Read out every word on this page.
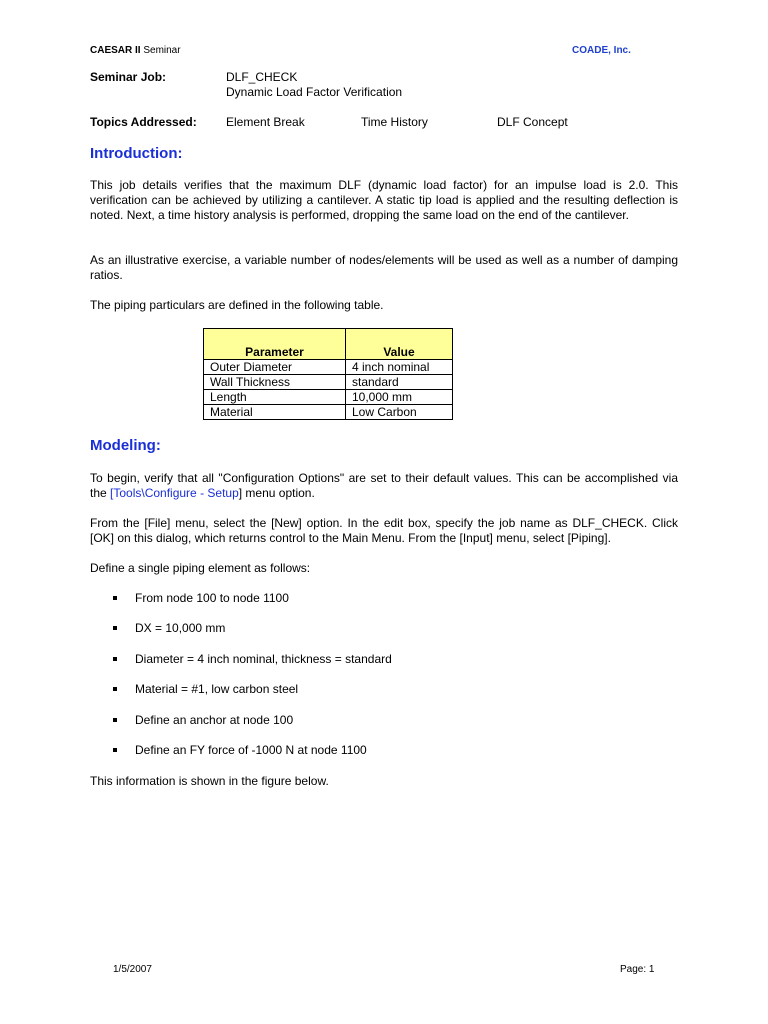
CAESAR II Seminar	COADE, Inc.
Seminar Job:	DLF_CHECK
Dynamic Load Factor Verification
Topics Addressed: Element Break	Time History	DLF Concept
Introduction:
This job details verifies that the maximum DLF (dynamic load factor) for an impulse load is 2.0. This verification can be achieved by utilizing a cantilever. A static tip load is applied and the resulting deflection is noted. Next, a time history analysis is performed, dropping the same load on the end of the cantilever.
As an illustrative exercise, a variable number of nodes/elements will be used as well as a number of damping ratios.
The piping particulars are defined in the following table.
Parameter	Value
Outer Diameter	4 inch nominal
Wall Thickness	standard
Length	10,000 mm
Material	Low Carbon
Modeling:
To begin, verify that all "Configuration Options" are set to their default values. This can be accomplished via the [Tools\Configure - Setup] menu option.
From the [File] menu, select the [New] option. In the edit box, specify the job name as DLF_CHECK. Click [OK] on this dialog, which returns control to the Main Menu. From the [Input] menu, select [Piping].
Define a single piping element as follows:
From node 100 to node 1100
DX = 10,000 mm
Diameter = 4 inch nominal, thickness = standard
Material = #1, low carbon steel
Define an anchor at node 100
Define an FY force of -1000 N at node 1100
This information is shown in the figure below.
1/5/2007	Page: 1
